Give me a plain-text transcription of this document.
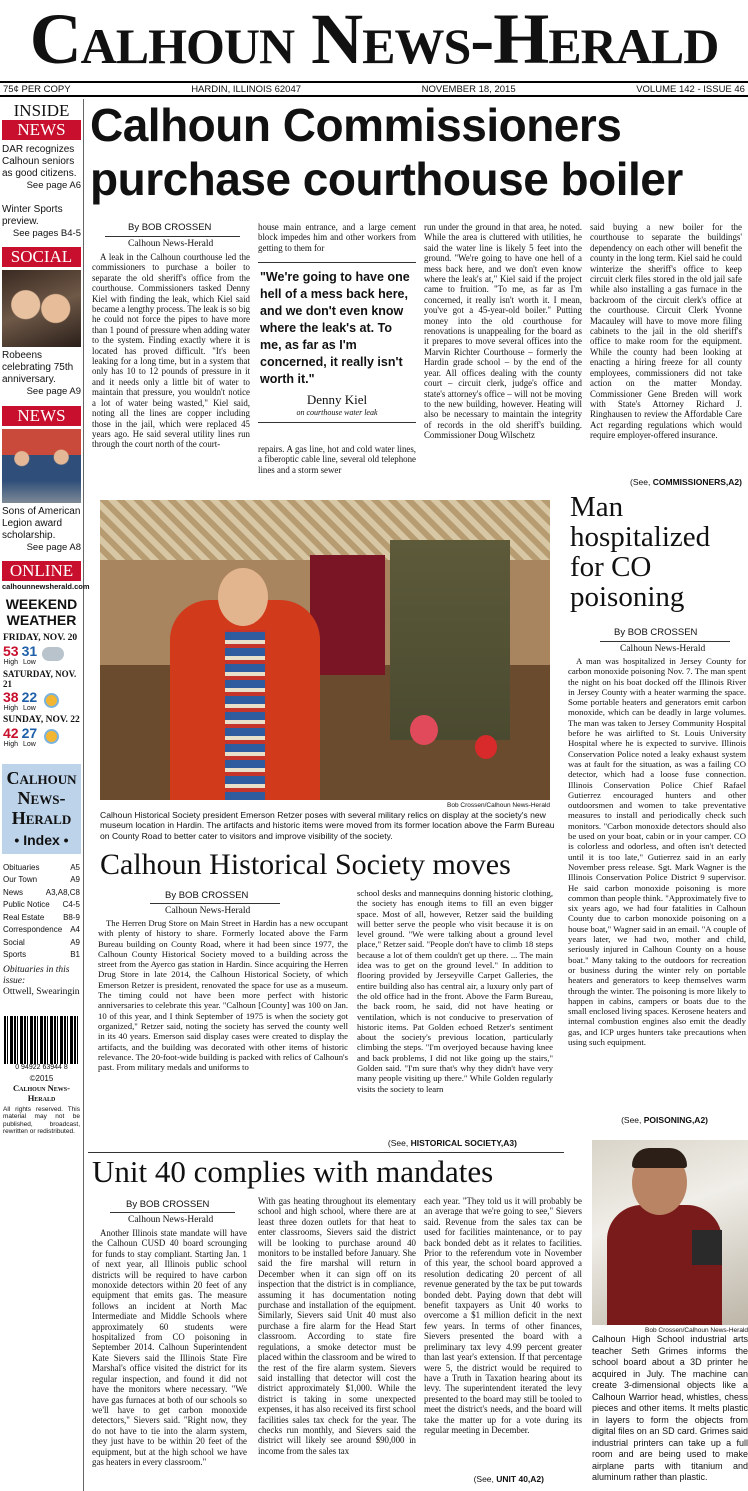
Calhoun News-Herald
75¢ PER COPY	HARDIN, ILLINOIS 62047	NOVEMBER 18, 2015	VOLUME 142 - ISSUE 46
INSIDE
NEWS
DAR recognizes Calhoun seniors as good citizens.
See page A6
Winter Sports preview.
See pages B4-5
SOCIAL
Robeens celebrating 75th anniversary.
See page A9
NEWS
Sons of American Legion award scholarship.
See page A8
ONLINE
calhounnewsherald.com
WEEKEND
WEATHER
FRIDAY, NOV. 20
53
High
31
Low
SATURDAY, NOV. 21
38
High
22
Low
SUNDAY, NOV. 22
42
High
27
Low
Calhoun
News-
Herald
• Index •
Obituaries	A5
Our Town	A9
News	A3,A8,C8
Public Notice C4-5
Real Estate B8-9
Correspondence A4
Social	A9
Sports	B1
Obituaries in this issue:
Ottwell, Swearingin
0 94922 63944 8
©2015
Calhoun News-Herald
All rights reserved. This material may not be published, broadcast, rewritten or redistributed.
Calhoun Commissioners purchase courthouse boiler
By BOB CROSSEN
Calhoun News-Herald

A leak in the Calhoun courthouse led the commissioners to purchase a boiler to separate the old sheriff's office from the courthouse. Commissioners tasked Denny Kiel with finding the leak, which Kiel said became a lengthy process. The leak is so big he could not force the pipes to have more than 1 pound of pressure when adding water to the system. Finding exactly where it is located has proved difficult. "It's been leaking for a long time, but in a system that only has 10 to 12 pounds of pressure in it and it needs only a little bit of water to maintain that pressure, you wouldn't notice a lot of water being wasted," Kiel said, noting all the lines are copper including those in the jail, which were replaced 45 years ago. He said several utility lines run through the court north of the court-

house main entrance, and a large cement block impedes him and other workers from getting to them for

"We're going to have one hell of a mess back here, and we don't even know where the leak's at. To me, as far as I'm concerned, it really isn't worth it."
Denny Kiel
on courthouse water leak

repairs. A gas line, hot and cold water lines, a fiberoptic cable line, several old telephone lines and a storm sewer

run under the ground in that area, he noted. While the area is cluttered with utilities, he said the water line is likely 5 feet into the ground. "We're going to have one hell of a mess back here, and we don't even know where the leak's at," Kiel said if the project came to fruition. "To me, as far as I'm concerned, it really isn't worth it. I mean, you've got a 45-year-old boiler." Putting money into the old courthouse for renovations is unappealing for the board as it prepares to move several offices into the Marvin Richter Courthouse – formerly the Hardin grade school – by the end of the year. All offices dealing with the county court – circuit clerk, judge's office and state's attorney's office – will not be moving to the new building, however. Heating will also be necessary to maintain the integrity of records in the old sheriff's building. Commissioner Doug Wilschetz

said buying a new boiler for the courthouse to separate the buildings' dependency on each other will benefit the county in the long term. Kiel said he could winterize the sheriff's office to keep circuit clerk files stored in the old jail safe while also installing a gas furnace in the backroom of the circuit clerk's office at the courthouse. Circuit Clerk Yvonne Macauley will have to move more filing cabinets to the jail in the old sheriff's office to make room for the equipment. While the county had been looking at enacting a hiring freeze for all county employees, commissioners did not take action on the matter Monday. Commissioner Gene Breden will work with State's Attorney Richard J. Ringhausen to review the Affordable Care Act regarding regulations which would require employer-offered insurance.

(See, COMMISSIONERS,A2)
Bob Crossen/Calhoun News-Herald
Calhoun Historical Society president Emerson Retzer poses with several military relics on display at the society's new museum location in Hardin. The artifacts and historic items were moved from its former location above the Farm Bureau on County Road to better cater to visitors and improve visibility of the society.
Calhoun Historical Society moves
By BOB CROSSEN
Calhoun News-Herald

The Herren Drug Store on Main Street in Hardin has a new occupant with plenty of history to share. Formerly located above the Farm Bureau building on County Road, where it had been since 1977, the Calhoun County Historical Society moved to a building across the street from the Ayerco gas station in Hardin. Since acquiring the Herren Drug Store in late 2014, the Calhoun Historical Society, of which Emerson Retzer is president, renovated the space for use as a museum. The timing could not have been more perfect with historic anniversaries to celebrate this year. "Calhoun [County] was 100 on Jan. 10 of this year, and I think September of 1975 is when the society got organized," Retzer said, noting the society has served the county well in its 40 years. Emerson said display cases were created to display the artifacts, and the building was decorated with other items of historic relevance. The 20-foot-wide building is packed with relics of Calhoun's past. From military medals and uniforms to

school desks and mannequins donning historic clothing, the society has enough items to fill an even bigger space. Most of all, however, Retzer said the building will better serve the people who visit because it is on level ground. "We were talking about a ground level place," Retzer said. "People don't have to climb 18 steps because a lot of them couldn't get up there. ... The main idea was to get on the ground level." In addition to flooring provided by Jerseyville Carpet Galleries, the entire building also has central air, a luxury only part of the old office had in the front. Above the Farm Bureau, the back room, he said, did not have heating or ventilation, which is not conducive to preservation of historic items. Pat Golden echoed Retzer's sentiment about the society's previous location, particularly climbing the steps. "I'm overjoyed because having knee and back problems, I did not like going up the stairs," Golden said. "I'm sure that's why they didn't have very many people visiting up there." While Golden regularly visits the society to learn

(See, HISTORICAL SOCIETY,A3)
Man hospitalized for CO poisoning
By BOB CROSSEN
Calhoun News-Herald

A man was hospitalized in Jersey County for carbon monoxide poisoning Nov. 7. The man spent the night on his boat docked off the Illinois River in Jersey County with a heater warming the space. Some portable heaters and generators emit carbon monoxide, which can be deadly in large volumes. The man was taken to Jersey Community Hospital before he was airlifted to St. Louis University Hospital where he is expected to survive. Illinois Conservation Police noted a leaky exhaust system was at fault for the situation, as was a failing CO detector, which had a loose fuse connection. Illinois Conservation Police Chief Rafael Gutierrez encouraged hunters and other outdoorsmen and women to take preventative measures to install and periodically check such monitors. "Carbon monoxide detectors should also be used on your boat, cabin or in your camper. CO is colorless and odorless, and often isn't detected until it is too late," Gutierrez said in an early November press release. Sgt. Mark Wagner is the Illinois Conservation Police District 9 supervisor. He said carbon monoxide poisoning is more common than people think. "Approximately five to six years ago, we had four fatalities in Calhoun County due to carbon monoxide poisoning on a house boat," Wagner said in an email. "A couple of years later, we had two, mother and child, seriously injured in Calhoun County on a house boat." Many taking to the outdoors for recreation or business during the winter rely on portable heaters and generators to keep themselves warm through the winter. The poisoning is more likely to happen in cabins, campers or boats due to the small enclosed living spaces. Kerosene heaters and internal combustion engines also emit the deadly gas, and ICP urges hunters take precautions when using such equipment.

(See, POISONING,A2)
Unit 40 complies with mandates
By BOB CROSSEN
Calhoun News-Herald

Another Illinois state mandate will have the Calhoun CUSD 40 board scrounging for funds to stay compliant. Starting Jan. 1 of next year, all Illinois public school districts will be required to have carbon monoxide detectors within 20 feet of any equipment that emits gas. The measure follows an incident at North Mac Intermediate and Middle Schools where approximately 60 students were hospitalized from CO poisoning in September 2014. Calhoun Superintendent Kate Sievers said the Illinois State Fire Marshal's office visited the district for its regular inspection, and found it did not have the monitors where necessary. "We have gas furnaces at both of our schools so we'll have to get carbon monoxide detectors," Sievers said. "Right now, they do not have to tie into the alarm system, they just have to be within 20 feet of the equipment, but at the high school we have gas heaters in every classroom."

With gas heating throughout its elementary school and high school, where there are at least three dozen outlets for that heat to enter classrooms, Sievers said the district will be looking to purchase around 40 monitors to be installed before January. She said the fire marshal will return in December when it can sign off on its inspection that the district is in compliance, assuming it has documentation noting purchase and installation of the equipment. Similarly, Sievers said Unit 40 must also purchase a fire alarm for the Head Start classroom. According to state fire regulations, a smoke detector must be placed within the classroom and be wired to the rest of the fire alarm system. Sievers said installing that detector will cost the district approximately $1,000. While the district is taking in some unexpected expenses, it has also received its first school facilities sales tax check for the year. The checks run monthly, and Sievers said the district will likely see around $90,000 in income from the sales tax

each year. "They told us it will probably be an average that we're going to see," Sievers said. Revenue from the sales tax can be used for facilities maintenance, or to pay back bonded debt as it relates to facilities. Prior to the referendum vote in November of this year, the school board approved a resolution dedicating 20 percent of all revenue generated by the tax be put towards bonded debt. Paying down that debt will benefit taxpayers as Unit 40 works to overcome a $1 million deficit in the next few years. In terms of other finances, Sievers presented the board with a preliminary tax levy 4.99 percent greater than last year's extension. If that percentage were 5, the district would be required to have a Truth in Taxation hearing about its levy. The superintendent iterated the levy presented to the board may still be tooled to meet the district's needs, and the board will take the matter up for a vote during its regular meeting in December.

(See, UNIT 40,A2)
Bob Crossen/Calhoun News-Herald
Calhoun High School industrial arts teacher Seth Grimes informs the school board about a 3D printer he acquired in July. The machine can create 3-dimensional objects like a Calhoun Warrior head, whistles, chess pieces and other items. It melts plastic in layers to form the objects from digital files on an SD card. Grimes said industrial printers can take up a full room and are being used to make airplane parts with titanium and aluminum rather than plastic.
